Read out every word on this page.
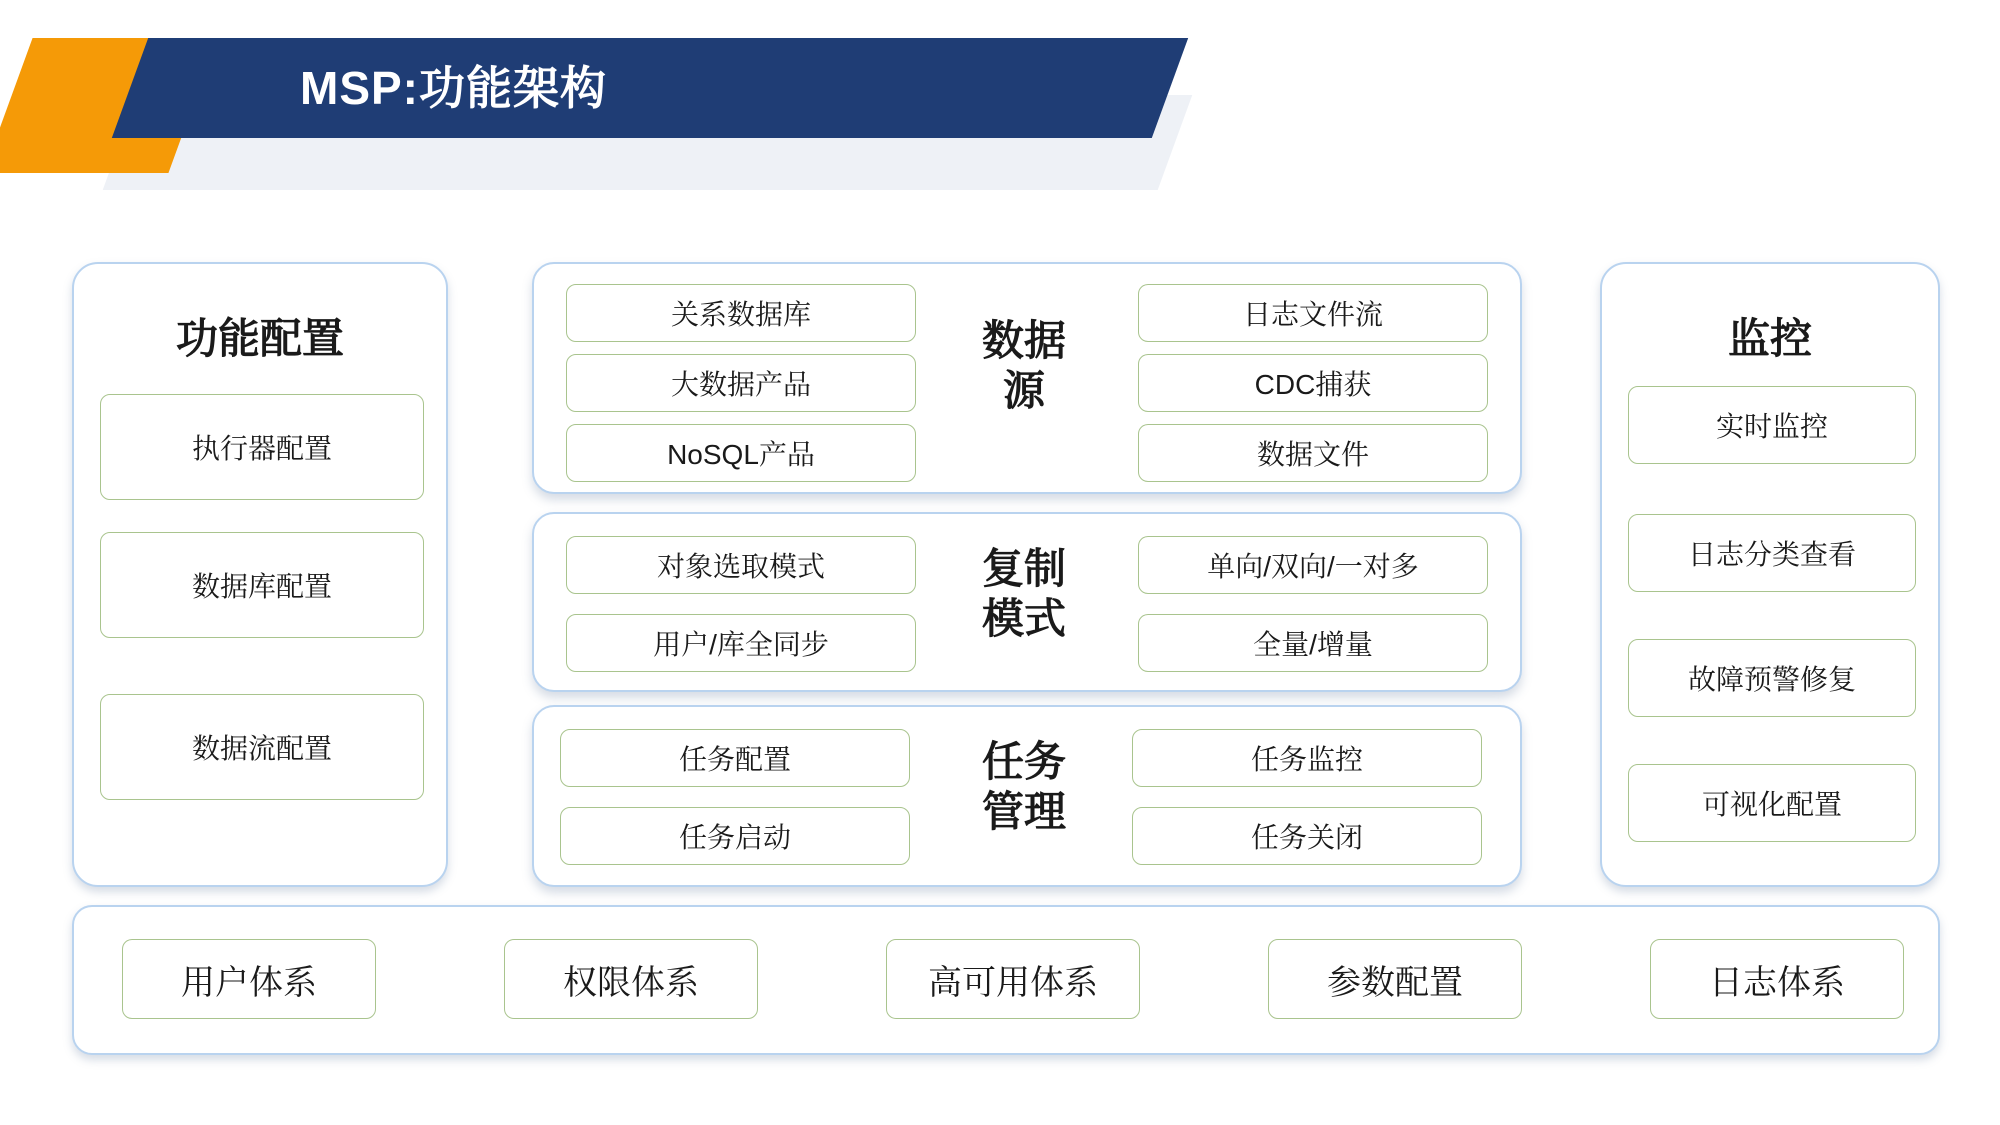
MSP:功能架构
功能配置
执行器配置
数据库配置
数据流配置
数据
源
关系数据库
大数据产品
NoSQL产品
日志文件流
CDC捕获
数据文件
复制
模式
对象选取模式
用户/库全同步
单向/双向/一对多
全量/增量
任务
管理
任务配置
任务启动
任务监控
任务关闭
监控
实时监控
日志分类查看
故障预警修复
可视化配置
用户体系	权限体系	高可用体系	参数配置	日志体系
